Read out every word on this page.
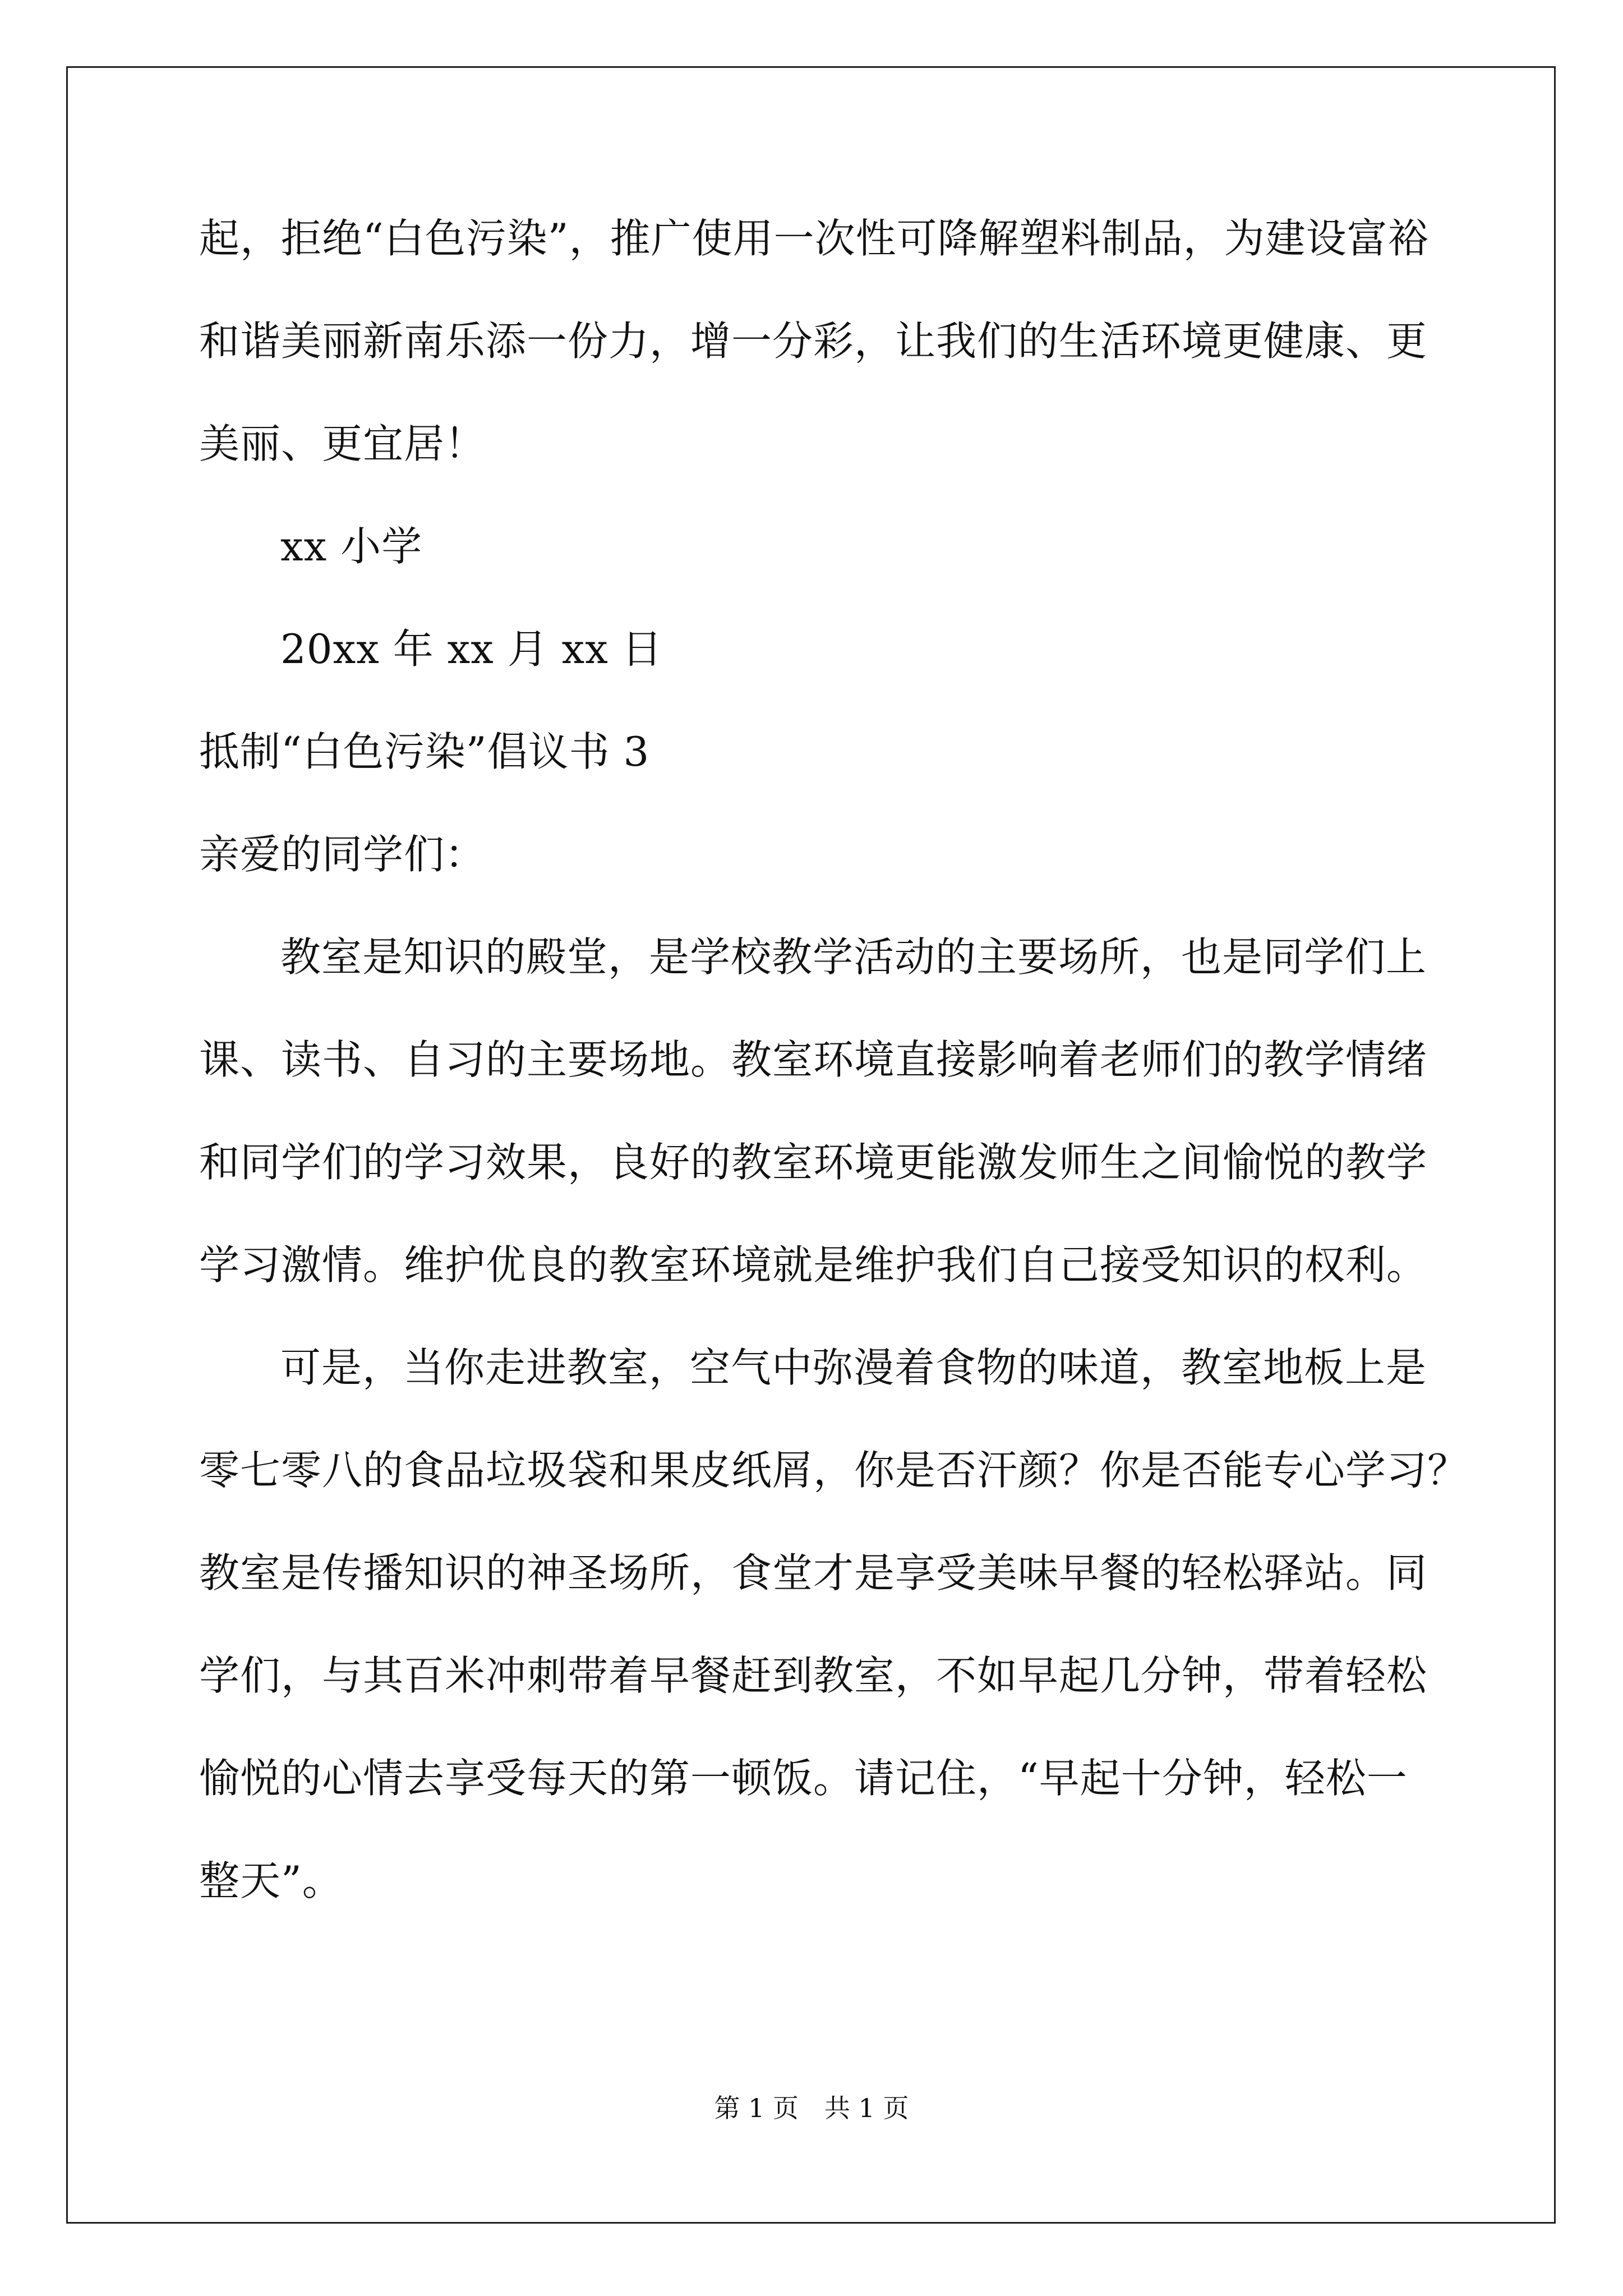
起，拒绝“白色污染”，推广使用一次性可降解塑料制品，为建设富裕
和谐美丽新南乐添一份力，增一分彩，让我们的生活环境更健康、更
美丽、更宜居！
xx 小学
20xx 年 xx 月 xx 日
抵制“白色污染”倡议书 3
亲爱的同学们：
教室是知识的殿堂，是学校教学活动的主要场所，也是同学们上
课、读书、自习的主要场地。教室环境直接影响着老师们的教学情绪
和同学们的学习效果，良好的教室环境更能激发师生之间愉悦的教学
学习激情。维护优良的教室环境就是维护我们自己接受知识的权利。
可是，当你走进教室，空气中弥漫着食物的味道，教室地板上是
零七零八的食品垃圾袋和果皮纸屑，你是否汗颜？你是否能专心学习？
教室是传播知识的神圣场所，食堂才是享受美味早餐的轻松驿站。同
学们，与其百米冲刺带着早餐赶到教室，不如早起几分钟，带着轻松
愉悦的心情去享受每天的第一顿饭。请记住，“早起十分钟，轻松一
整天”。
第 1 页　共 1 页
